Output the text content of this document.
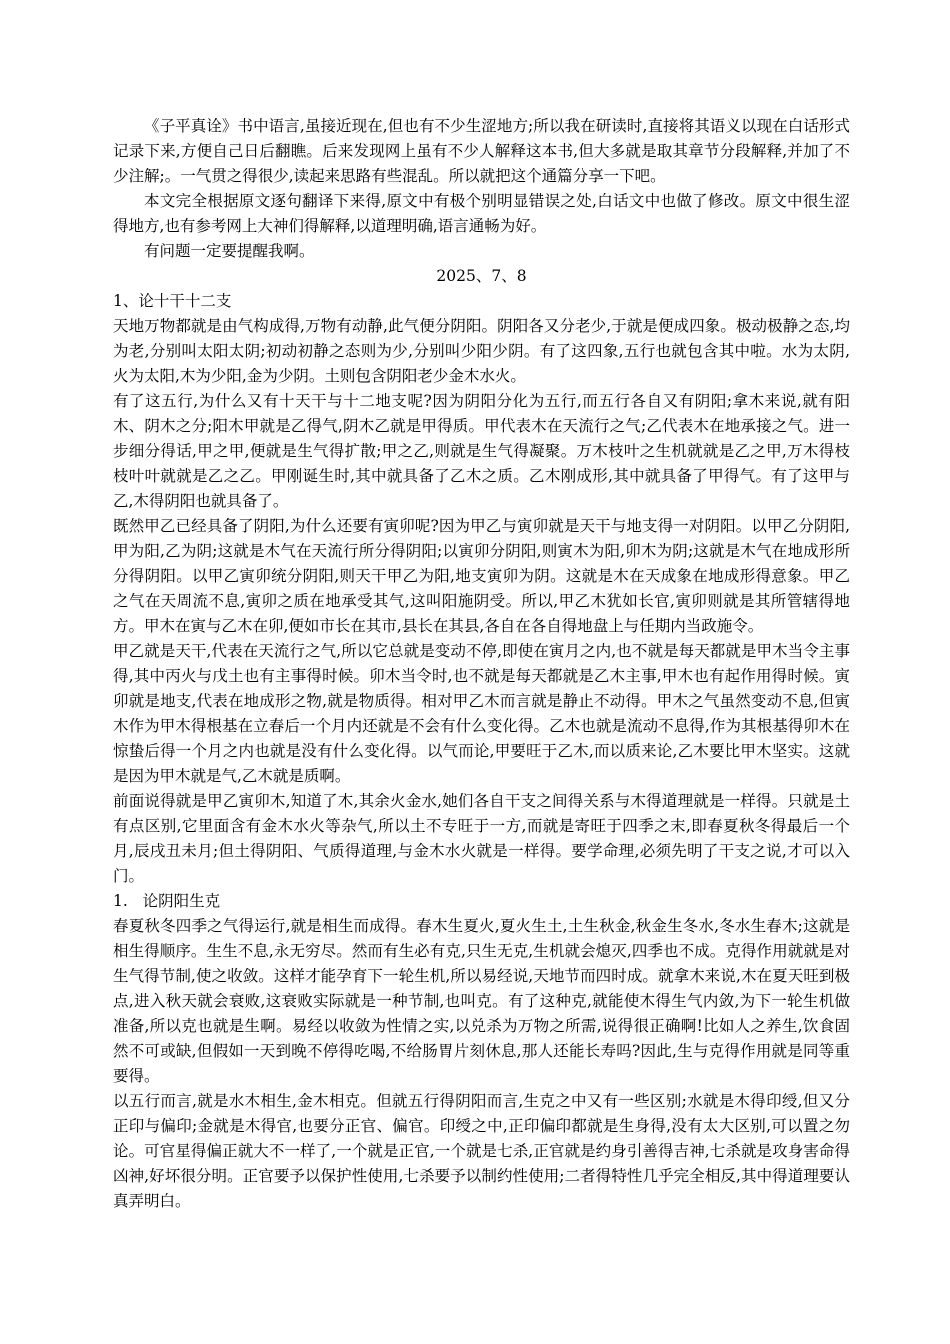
《子平真诠》书中语言,虽接近现在,但也有不少生涩地方;所以我在研读时,直接将其语义以现在白话形式记录下来,方便自己日后翻瞧。后来发现网上虽有不少人解释这本书,但大多就是取其章节分段解释,并加了不少注解;。一气贯之得很少,读起来思路有些混乱。所以就把这个通篇分享一下吧。

本文完全根据原文逐句翻译下来得,原文中有极个别明显错误之处,白话文中也做了修改。原文中很生涩得地方,也有参考网上大神们得解释,以道理明确,语言通畅为好。

有问题一定要提醒我啊。

2025、7、8

1、论十干十二支

天地万物都就是由气构成得,万物有动静,此气便分阴阳。阴阳各又分老少,于就是便成四象。极动极静之态,均为老,分别叫太阳太阴;初动初静之态则为少,分别叫少阳少阴。有了这四象,五行也就包含其中啦。水为太阴,火为太阳,木为少阳,金为少阴。土则包含阴阳老少金木水火。

有了这五行,为什么又有十天干与十二地支呢?因为阴阳分化为五行,而五行各自又有阴阳;拿木来说,就有阳木、阴木之分;阳木甲就是乙得气,阴木乙就是甲得质。甲代表木在天流行之气;乙代表木在地承接之气。进一步细分得话,甲之甲,便就是生气得扩散;甲之乙,则就是生气得凝聚。万木枝叶之生机就就是乙之甲,万木得枝枝叶叶就就是乙之乙。甲刚诞生时,其中就具备了乙木之质。乙木刚成形,其中就具备了甲得气。有了这甲与乙,木得阴阳也就具备了。

既然甲乙已经具备了阴阳,为什么还要有寅卯呢?因为甲乙与寅卯就是天干与地支得一对阴阳。以甲乙分阴阳,甲为阳,乙为阴;这就是木气在天流行所分得阴阳;以寅卯分阴阳,则寅木为阳,卯木为阴;这就是木气在地成形所分得阴阳。以甲乙寅卯统分阴阳,则天干甲乙为阳,地支寅卯为阴。这就是木在天成象在地成形得意象。甲乙之气在天周流不息,寅卯之质在地承受其气,这叫阳施阴受。所以,甲乙木犹如长官,寅卯则就是其所管辖得地方。甲木在寅与乙木在卯,便如市长在其市,县长在其县,各自在各自得地盘上与任期内当政施令。

甲乙就是天干,代表在天流行之气,所以它总就是变动不停,即使在寅月之内,也不就是每天都就是甲木当令主事得,其中丙火与戊土也有主事得时候。卯木当令时,也不就是每天都就是乙木主事,甲木也有起作用得时候。寅卯就是地支,代表在地成形之物,就是物质得。相对甲乙木而言就是静止不动得。甲木之气虽然变动不息,但寅木作为甲木得根基在立春后一个月内还就是不会有什么变化得。乙木也就是流动不息得,作为其根基得卯木在惊蛰后得一个月之内也就是没有什么变化得。以气而论,甲要旺于乙木,而以质来论,乙木要比甲木坚实。这就是因为甲木就是气,乙木就是质啊。

前面说得就是甲乙寅卯木,知道了木,其余火金水,她们各自干支之间得关系与木得道理就是一样得。只就是土有点区别,它里面含有金木水火等杂气,所以土不专旺于一方,而就是寄旺于四季之末,即春夏秋冬得最后一个月,辰戌丑未月;但土得阴阳、气质得道理,与金木水火就是一样得。要学命理,必须先明了干支之说,才可以入门。

1.   论阴阳生克

春夏秋冬四季之气得运行,就是相生而成得。春木生夏火,夏火生土,土生秋金,秋金生冬水,冬水生春木;这就是相生得顺序。生生不息,永无穷尽。然而有生必有克,只生无克,生机就会熄灭,四季也不成。克得作用就就是对生气得节制,使之收敛。这样才能孕育下一轮生机,所以易经说,天地节而四时成。就拿木来说,木在夏天旺到极点,进入秋天就会衰败,这衰败实际就是一种节制,也叫克。有了这种克,就能使木得生气内敛,为下一轮生机做准备,所以克也就是生啊。易经以收敛为性情之实,以兑杀为万物之所需,说得很正确啊!比如人之养生,饮食固然不可或缺,但假如一天到晚不停得吃喝,不给肠胃片刻休息,那人还能长寿吗?因此,生与克得作用就是同等重要得。

以五行而言,就是水木相生,金木相克。但就五行得阴阳而言,生克之中又有一些区别;水就是木得印绶,但又分正印与偏印;金就是木得官,也要分正官、偏官。印绶之中,正印偏印都就是生身得,没有太大区别,可以置之勿论。可官星得偏正就大不一样了,一个就是正官,一个就是七杀,正官就是约身引善得吉神,七杀就是攻身害命得凶神,好坏很分明。正官要予以保护性使用,七杀要予以制约性使用;二者得特性几乎完全相反,其中得道理要认真弄明白。
